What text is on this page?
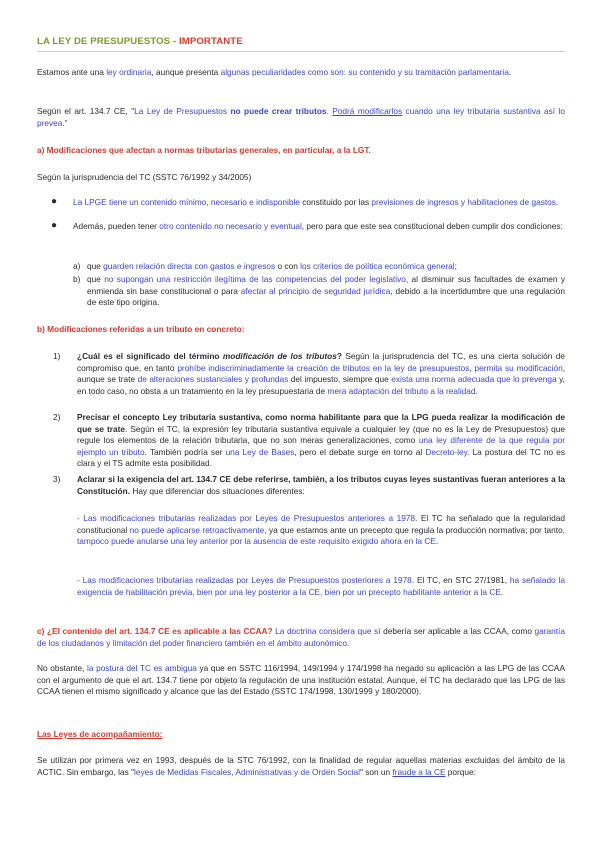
LA LEY DE PRESUPUESTOS - IMPORTANTE
Estamos ante una ley ordinaria, aunque presenta algunas peculiaridades como son: su contenido y su tramitación parlamentaria.
Según el art. 134.7 CE, "La Ley de Presupuestos no puede crear tributos. Podrá modificarlos cuando una ley tributaria sustantiva así lo prevea."
a) Modificaciones que afectan a normas tributarias generales, en particular, a la LGT.
Según la jurisprudencia del TC (SSTC 76/1992 y 34/2005)
●	La LPGE tiene un contenido mínimo, necesario e indisponible constituido por las previsiones de ingresos y habilitaciones de gastos.
●	Además, pueden tener otro contenido no necesario y eventual, pero para que este sea constitucional deben cumplir dos condiciones:
a) que guarden relación directa con gastos e ingresos o con los criterios de política económica general;
b) que no supongan una restricción ilegítima de las competencias del poder legislativo, al disminuir sus facultades de examen y enmienda sin base constitucional o para afectar al principio de seguridad jurídica, debido a la incertidumbre que una regulación de este tipo origina.
b) Modificaciones referidas a un tributo en concreto:
1)	¿Cuál es el significado del término modificación de los tributos? Según la jurisprudencia del TC, es una cierta solución de compromiso que, en tanto prohíbe indiscriminadamente la creación de tributos en la ley de presupuestos, permita su modificación, aunque se trate de alteraciones sustanciales y profundas del impuesto, siempre que exista una norma adecuada que lo prevenga y, en todo caso, no obsta a un tratamiento en la ley presupuestaria de mera adaptación del tributo a la realidad.
2)	Precisar el concepto Ley tributaria sustantiva, como norma habilitante para que la LPG pueda realizar la modificación de que se trate. Según el TC, la expresión ley tributaria sustantiva equivale a cualquier ley (que no es la Ley de Presupuestos) que regule los elementos de la relación tributaria, que no son meras generalizaciones, como una ley diferente de la que regula por ejemplo un tributo. También podría ser una Ley de Bases, pero el debate surge en torno al Decreto-ley. La postura del TC no es clara y el TS admite esta posibilidad.
3)	Aclarar si la exigencia del art. 134.7 CE debe referirse, también, a los tributos cuyas leyes sustantivas fueran anteriores a la Constitución. Hay que diferenciar dos situaciones diferentes:
- Las modificaciones tributarias realizadas por Leyes de Presupuestos anteriores a 1978. El TC ha señalado que la regularidad constitucional no puede aplicarse retroactivamente, ya que estamos ante un precepto que regula la producción normativa; por tanto, tampoco puede anularse una ley anterior por la ausencia de este requisito exigido ahora en la CE.
- Las modificaciones tributarias realizadas por Leyes de Presupuestos posteriores a 1978. El TC, en STC 27/1981, ha señalado la exigencia de habilitación previa, bien por una ley posterior a la CE, bien por un precepto habilitante anterior a la CE.
c) ¿El contenido del art. 134.7 CE es aplicable a las CCAA? La doctrina considera que sí debería ser aplicable a las CCAA, como garantía de los ciudadanos y limitación del poder financiero también en el ámbito autonómico.
No obstante, la postura del TC es ambigua ya que en SSTC 116/1994, 149/1994 y 174/1998 ha negado su aplicación a las LPG de las CCAA con el argumento de que el art. 134.7 tiene por objeto la regulación de una institución estatal. Aunque, el TC ha declarado que las LPG de las CCAA tienen el mismo significado y alcance que las del Estado (SSTC 174/1998, 130/1999 y 180/2000).
Las Leyes de acompañamiento:
Se utilizan por primera vez en 1993, después de la STC 76/1992, con la finalidad de regular aquellas materias excluidas del ámbito de la ACTIC. Sin embargo, las "leyes de Medidas Fiscales, Administrativas y de Orden Social" son un fraude a la CE porque:
